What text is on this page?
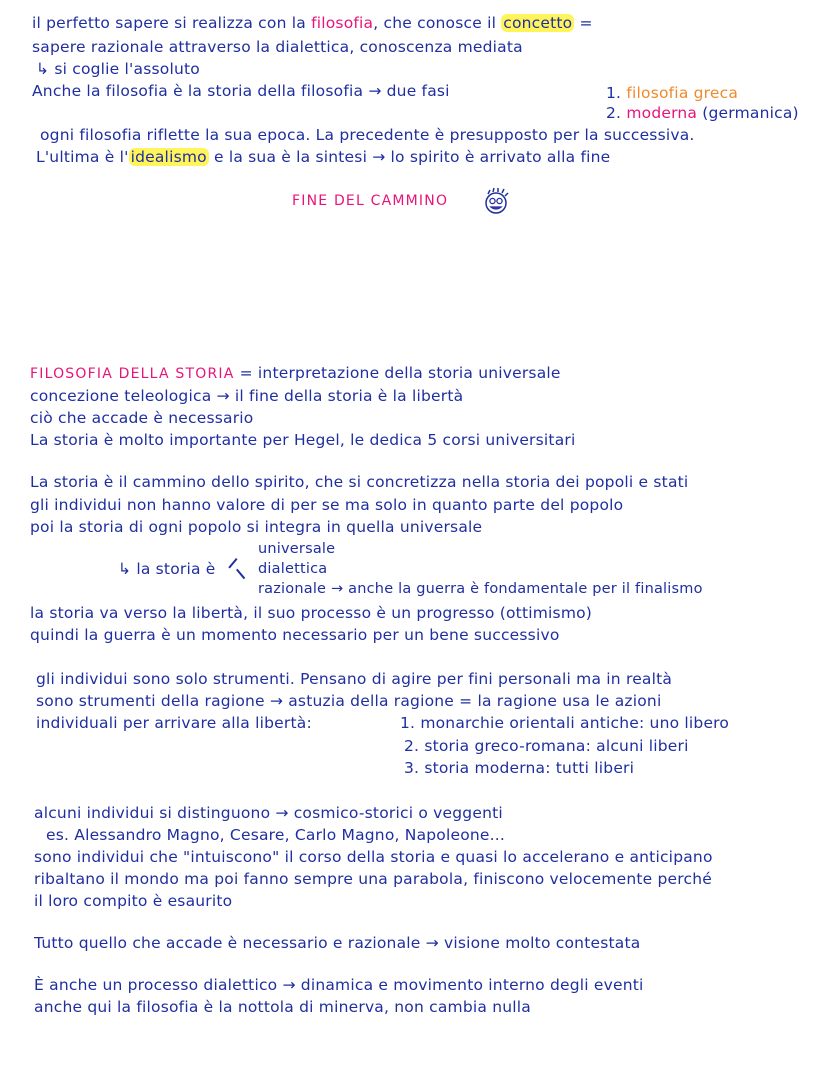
il perfetto sapere si realizza con la filosofia, che conosce il concetto =
sapere razionale attraverso la dialettica, conoscenza mediata
↳ si coglie l'assoluto
Anche la filosofia è la storia della filosofia → due fasi	1. filosofia greca
2. moderna (germanica)
ogni filosofia riflette la sua epoca. La precedente è presupposto per la successiva.
L'ultima è l' idealismo e la sua è la sintesi → lo spirito è arrivato alla fine
FINE DEL CAMMINO
FILOSOFIA DELLA STORIA = interpretazione della storia universale
concezione teleologica → il fine della storia è la libertà
ciò che accade è necessario
La storia è molto importante per Hegel, le dedica 5 corsi universitari
La storia è il cammino dello spirito, che si concretizza nella storia dei popoli e stati
gli individui non hanno valore di per se ma solo in quanto parte del popolo
poi la storia di ogni popolo si integra in quella universale
↳ la storia è
universale
dialettica
razionale → anche la guerra è fondamentale per il finalismo
la storia va verso la libertà, il suo processo è un progresso (ottimismo)
quindi la guerra è un momento necessario per un bene successivo
gli individui sono solo strumenti. Pensano di agire per fini personali ma in realtà
sono strumenti della ragione → astuzia della ragione = la ragione usa le azioni
individuali per arrivare alla libertà:	1. monarchie orientali antiche: uno libero
2. storia greco-romana: alcuni liberi
3. storia moderna: tutti liberi
alcuni individui si distinguono → cosmico-storici o veggenti
es. Alessandro Magno, Cesare, Carlo Magno, Napoleone...
sono individui che "intuiscono" il corso della storia e quasi lo accelerano e anticipano
ribaltano il mondo ma poi fanno sempre una parabola, finiscono velocemente perché
il loro compito è esaurito
Tutto quello che accade è necessario e razionale → visione molto contestata
È anche un processo dialettico → dinamica e movimento interno degli eventi
anche qui la filosofia è la nottola di minerva, non cambia nulla
